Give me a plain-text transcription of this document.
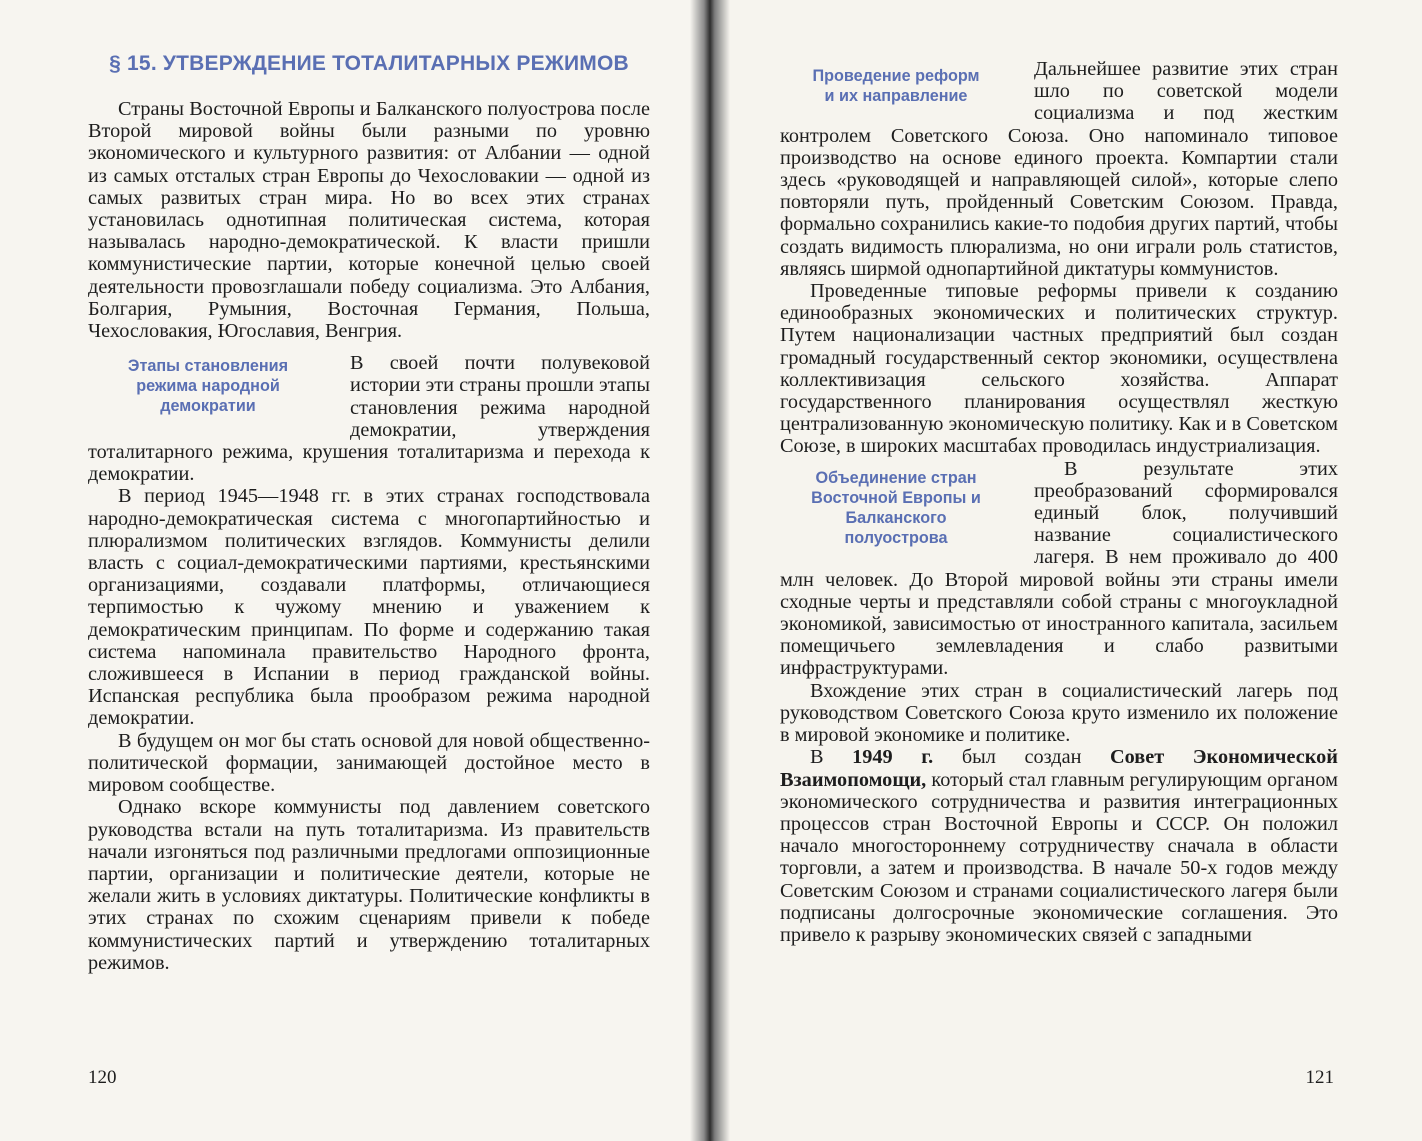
§ 15. УТВЕРЖДЕНИЕ ТОТАЛИТАРНЫХ РЕЖИМОВ

Страны Восточной Европы и Балканского полуострова после Второй мировой войны были разными по уровню экономического и культурного развития: от Албании — одной из самых отсталых стран Европы до Чехословакии — одной из самых развитых стран мира. Но во всех этих странах установилась однотипная политическая система, которая называлась народно-демократической. К власти пришли коммунистические партии, которые конечной целью своей деятельности провозглашали победу социализма. Это Албания, Болгария, Румыния, Восточная Германия, Польша, Чехословакия, Югославия, Венгрия.

Этапы становления
режима народной
демократии

В своей почти полувековой истории эти страны прошли этапы становления режима народной демократии, утверждения тоталитарного режима, крушения тоталитаризма и перехода к демократии.

В период 1945—1948 гг. в этих странах господствовала народно-демократическая система с многопартийностью и плюрализмом политических взглядов. Коммунисты делили власть с социал-демократическими партиями, крестьянскими организациями, создавали платформы, отличающиеся терпимостью к чужому мнению и уважением к демократическим принципам. По форме и содержанию такая система напоминала правительство Народного фронта, сложившееся в Испании в период гражданской войны. Испанская республика была прообразом режима народной демократии.

В будущем он мог бы стать основой для новой общественно-политической формации, занимающей достойное место в мировом сообществе.

Однако вскоре коммунисты под давлением советского руководства встали на путь тоталитаризма. Из правительств начали изгоняться под различными предлогами оппозиционные партии, организации и политические деятели, которые не желали жить в условиях диктатуры. Политические конфликты в этих странах по схожим сценариям привели к победе коммунистических партий и утверждению тоталитарных режимов.

120
Проведение реформ
и их направление

Дальнейшее развитие этих стран шло по советской модели социализма и под жестким контролем Советского Союза. Оно напоминало типовое производство на основе единого проекта. Компартии стали здесь «руководящей и направляющей силой», которые слепо повторяли путь, пройденный Советским Союзом. Правда, формально сохранились какие-то подобия других партий, чтобы создать видимость плюрализма, но они играли роль статистов, являясь ширмой однопартийной диктатуры коммунистов.

Проведенные типовые реформы привели к созданию единообразных экономических и политических структур. Путем национализации частных предприятий был создан громадный государственный сектор экономики, осуществлена коллективизация сельского хозяйства. Аппарат государственного планирования осуществлял жесткую централизованную экономическую политику. Как и в Советском Союзе, в широких масштабах проводилась индустриализация.

Объединение стран
Восточной Европы и
Балканского
полуострова

В результате этих преобразований сформировался единый блок, получивший название социалистического лагеря. В нем проживало до 400 млн человек. До Второй мировой войны эти страны имели сходные черты и представляли собой страны с многоукладной экономикой, зависимостью от иностранного капитала, засильем помещичьего землевладения и слабо развитыми инфраструктурами.

Вхождение этих стран в социалистический лагерь под руководством Советского Союза круто изменило их положение в мировой экономике и политике.

В 1949 г. был создан Совет Экономической Взаимопомощи, который стал главным регулирующим органом экономического сотрудничества и развития интеграционных процессов стран Восточной Европы и СССР. Он положил начало многостороннему сотрудничеству сначала в области торговли, а затем и производства. В начале 50-х годов между Советским Союзом и странами социалистического лагеря были подписаны долгосрочные экономические соглашения. Это привело к разрыву экономических связей с западными

121
